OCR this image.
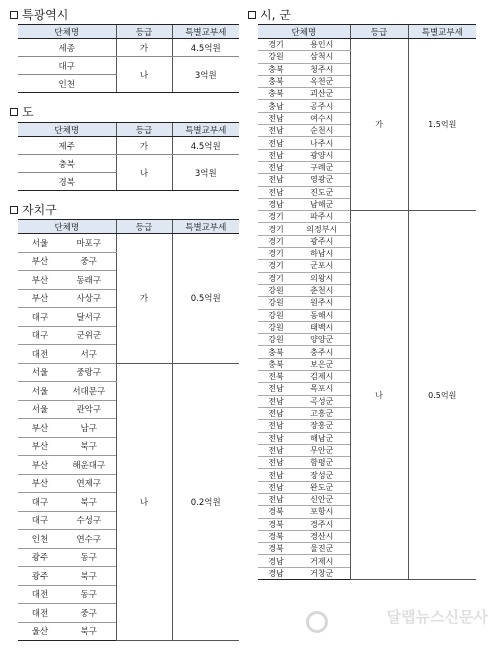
특광역시
단체명	등급	특별교부세
세종	가	4.5억원
대구	나	3억원
인천		
도
단체명	등급	특별교부세
제주	가	4.5억원
충북	나	3억원
경북		
자치구
단체명		등급	특별교부세
서울	마포구	가	0.5억원
부산	중구		
부산	동래구		
부산	사상구		
대구	달서구		
대구	군위군		
대전	서구		
서울	중랑구	나	0.2억원
서울	서대문구		
서울	관악구		
부산	남구		
부산	북구		
부산	해운대구		
부산	연제구		
대구	북구		
대구	수성구		
인천	연수구		
광주	동구		
광주	북구		
대전	동구		
대전	중구		
울산	북구		
시, 군
단체명		등급	특별교부세
경기	용인시	가	1.5억원
강원	삼척시		
충북	청주시		
충북	옥천군		
충북	괴산군		
충남	공주시		
전남	여수시		
전남	순천시		
전남	나주시		
전남	광양시		
전남	구례군		
전남	영광군		
전남	진도군		
경남	남해군		
경기	파주시	나	0.5억원
경기	의정부시		
경기	광주시		
경기	하남시		
경기	군포시		
경기	의왕시		
강원	춘천시		
강원	원주시		
강원	동해시		
강원	태백시		
강원	양양군		
충북	충주시		
충북	보은군		
전북	김제시		
전남	목포시		
전남	곡성군		
전남	고흥군		
전남	장흥군		
전남	해남군		
전남	무안군		
전남	함평군		
전남	장성군		
전남	완도군		
전남	신안군		
경북	포항시		
경북	경주시		
경북	경산시		
경북	울진군		
경남	거제시		
경남	거창군		
달랩뉴스신문사
